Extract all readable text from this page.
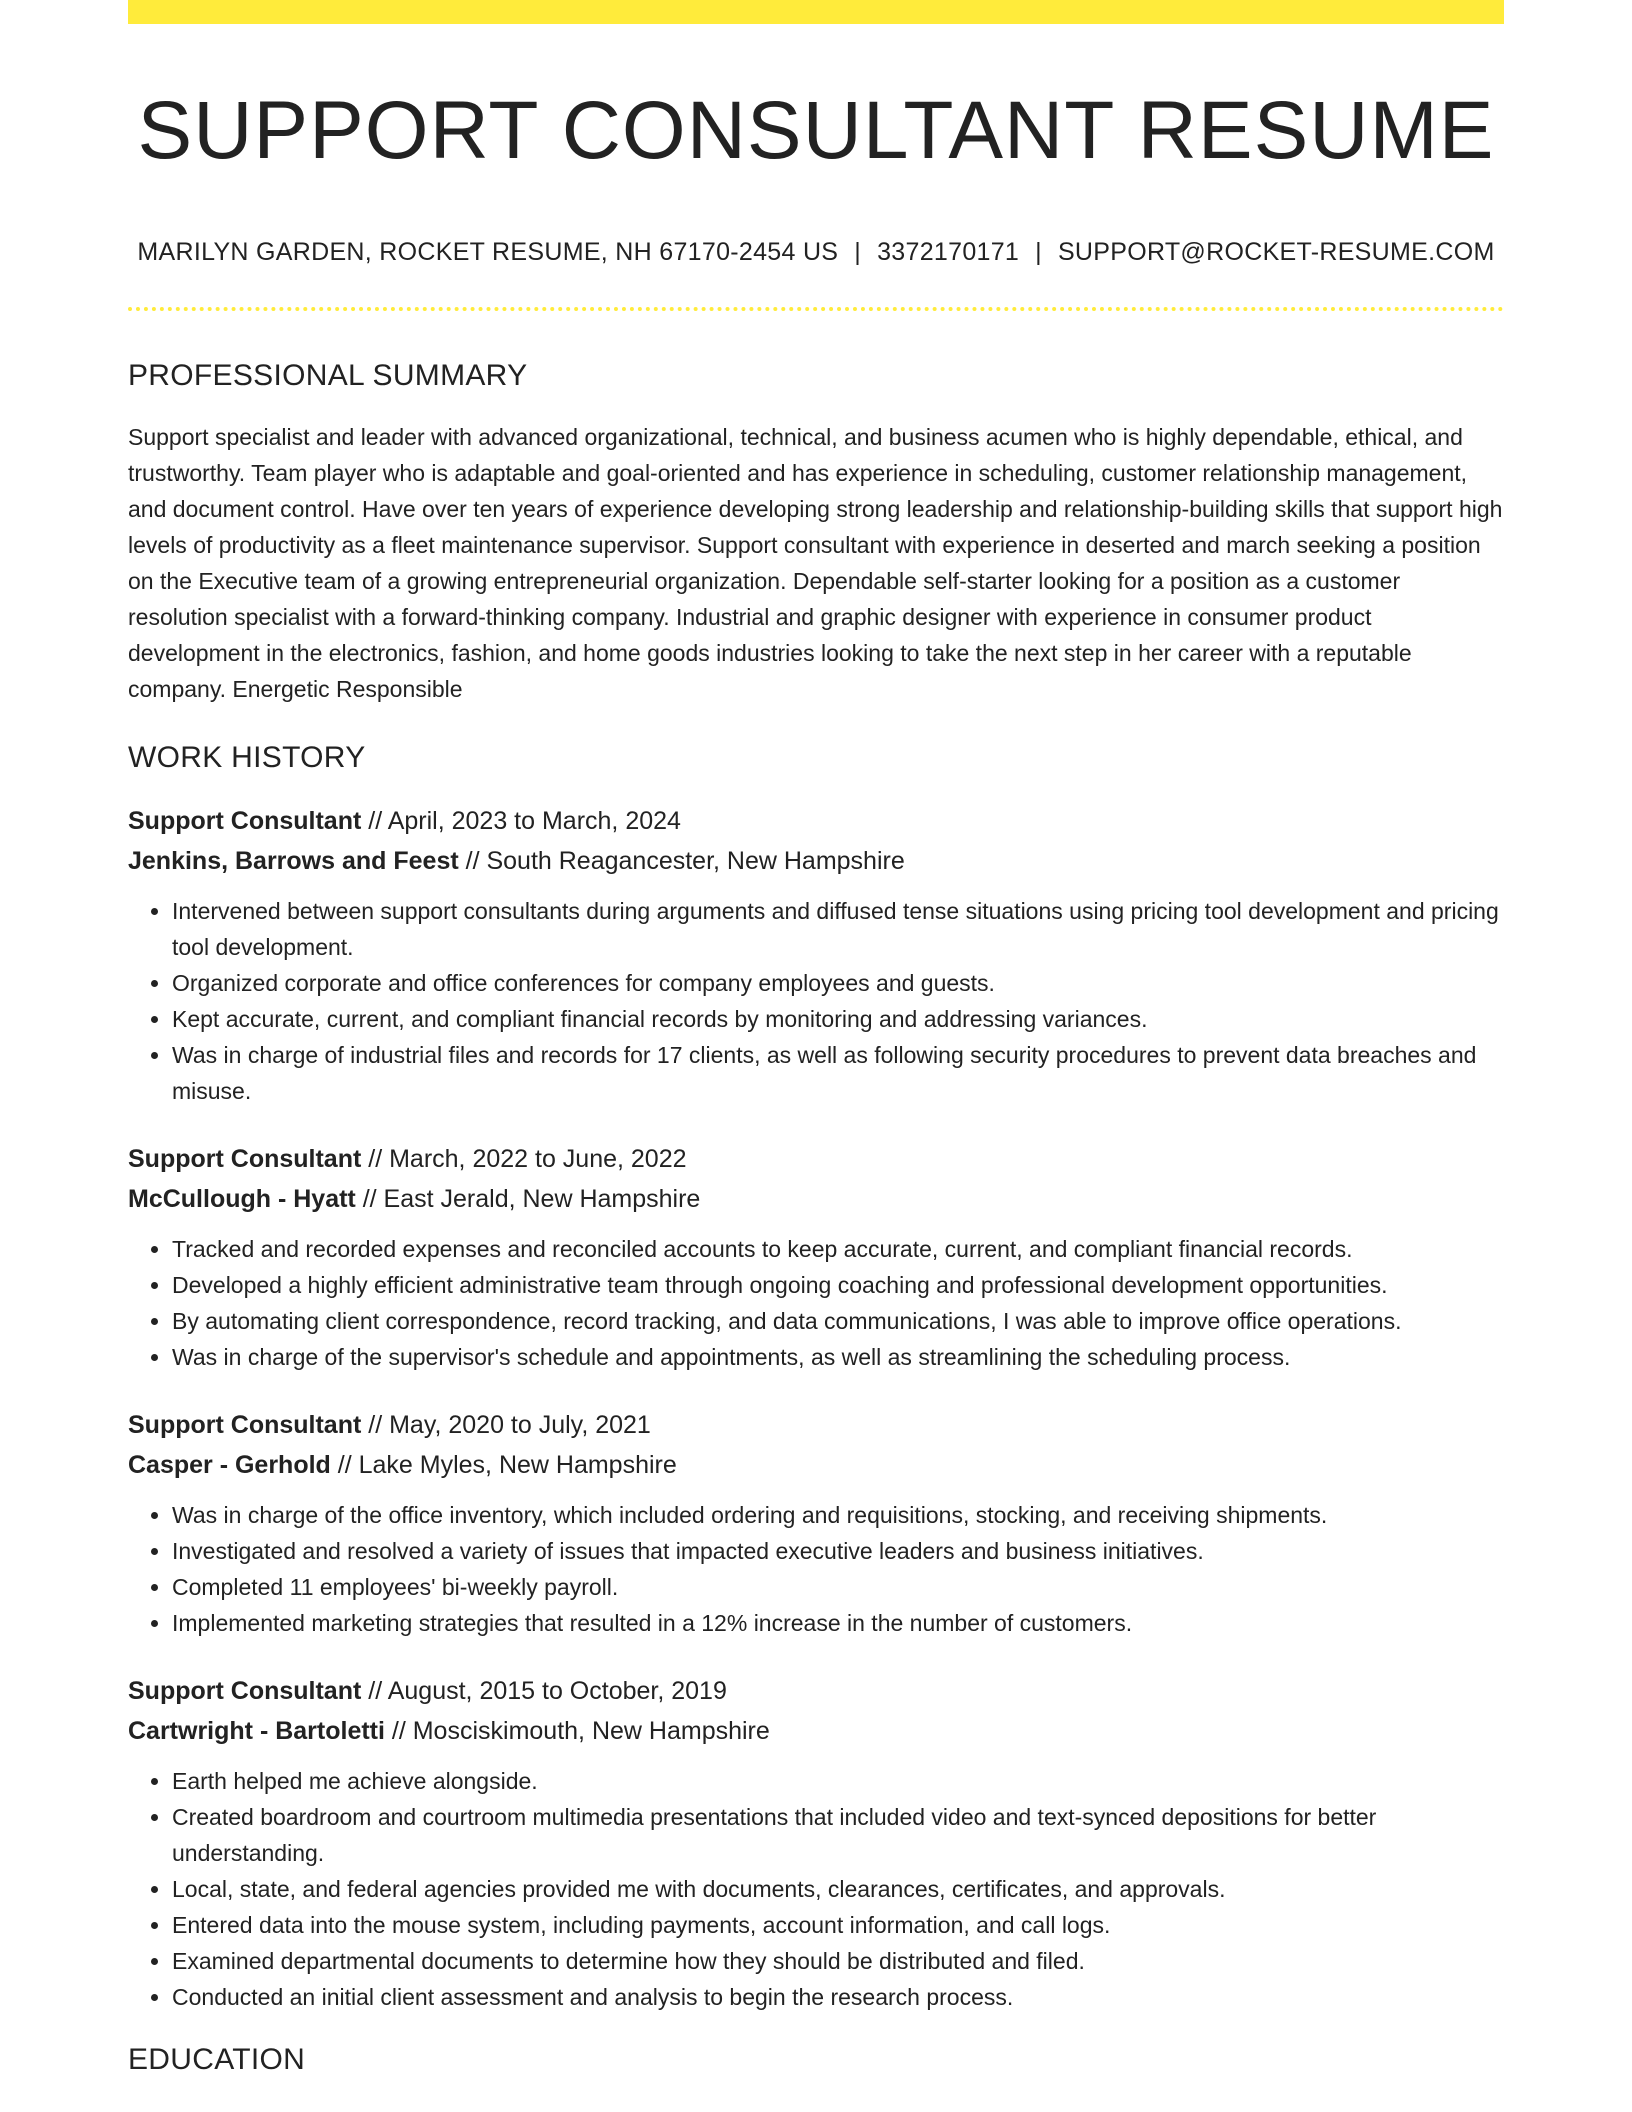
SUPPORT CONSULTANT RESUME
MARILYN GARDEN, ROCKET RESUME, NH 67170-2454 US | 3372170171 | SUPPORT@ROCKET-RESUME.COM
PROFESSIONAL SUMMARY

Support specialist and leader with advanced organizational, technical, and business acumen who is highly dependable, ethical, and trustworthy. Team player who is adaptable and goal-oriented and has experience in scheduling, customer relationship management, and document control. Have over ten years of experience developing strong leadership and relationship-building skills that support high levels of productivity as a fleet maintenance supervisor. Support consultant with experience in deserted and march seeking a position on the Executive team of a growing entrepreneurial organization. Dependable self-starter looking for a position as a customer resolution specialist with a forward-thinking company. Industrial and graphic designer with experience in consumer product development in the electronics, fashion, and home goods industries looking to take the next step in her career with a reputable company. Energetic Responsible

WORK HISTORY
Support Consultant // April, 2023 to March, 2024
Jenkins, Barrows and Feest // South Reagancester, New Hampshire
• Intervened between support consultants during arguments and diffused tense situations using pricing tool development and pricing tool development.
• Organized corporate and office conferences for company employees and guests.
• Kept accurate, current, and compliant financial records by monitoring and addressing variances.
• Was in charge of industrial files and records for 17 clients, as well as following security procedures to prevent data breaches and misuse.
Support Consultant // March, 2022 to June, 2022
McCullough - Hyatt // East Jerald, New Hampshire
• Tracked and recorded expenses and reconciled accounts to keep accurate, current, and compliant financial records.
• Developed a highly efficient administrative team through ongoing coaching and professional development opportunities.
• By automating client correspondence, record tracking, and data communications, I was able to improve office operations.
• Was in charge of the supervisor's schedule and appointments, as well as streamlining the scheduling process.
Support Consultant // May, 2020 to July, 2021
Casper - Gerhold // Lake Myles, New Hampshire
• Was in charge of the office inventory, which included ordering and requisitions, stocking, and receiving shipments.
• Investigated and resolved a variety of issues that impacted executive leaders and business initiatives.
• Completed 11 employees' bi-weekly payroll.
• Implemented marketing strategies that resulted in a 12% increase in the number of customers.
Support Consultant // August, 2015 to October, 2019
Cartwright - Bartoletti // Mosciskimouth, New Hampshire
• Earth helped me achieve alongside.
• Created boardroom and courtroom multimedia presentations that included video and text-synced depositions for better understanding.
• Local, state, and federal agencies provided me with documents, clearances, certificates, and approvals.
• Entered data into the mouse system, including payments, account information, and call logs.
• Examined departmental documents to determine how they should be distributed and filed.
• Conducted an initial client assessment and analysis to begin the research process.
EDUCATION
